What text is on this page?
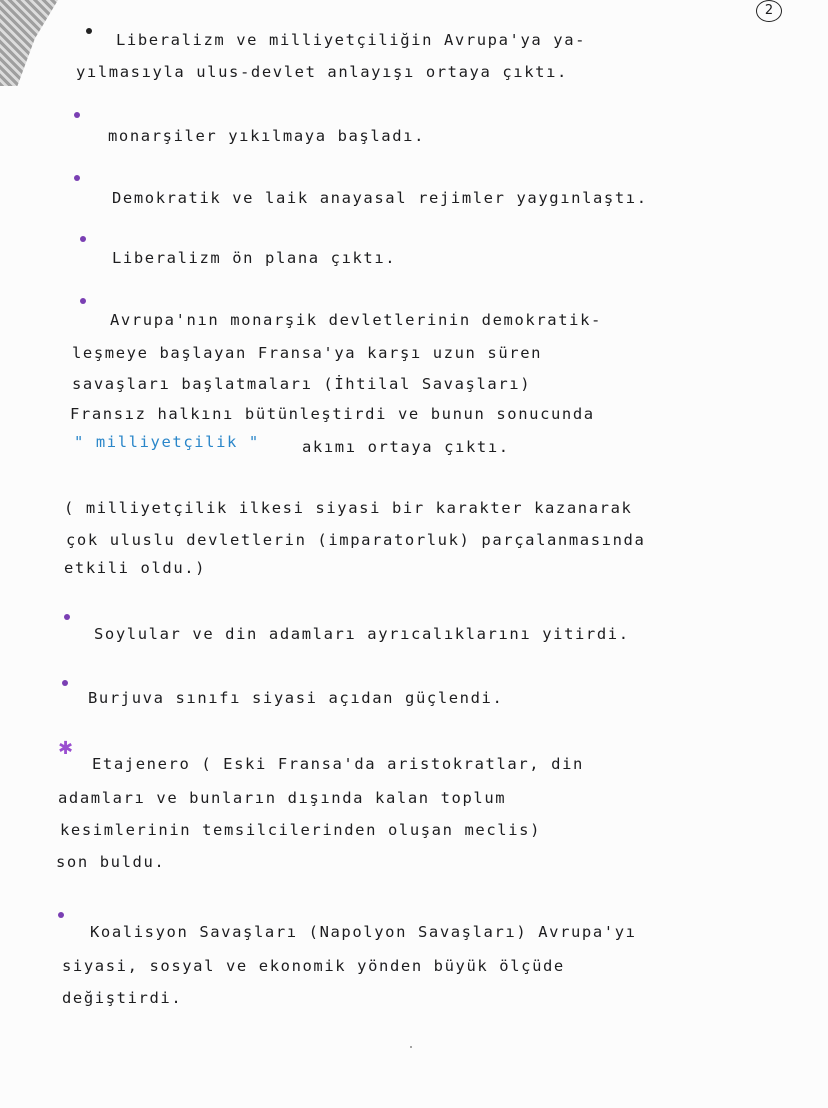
2
Liberalizm ve milliyetçiliğin Avrupa'ya ya-
yılmasıyla ulus-devlet anlayışı ortaya çıktı.
monarşiler yıkılmaya başladı.
Demokratik ve laik anayasal rejimler yaygınlaştı.
Liberalizm ön plana çıktı.
Avrupa'nın monarşik devletlerinin demokratik-
leşmeye başlayan Fransa'ya karşı uzun süren
savaşları başlatmaları (İhtilal Savaşları)
Fransız halkını bütünleştirdi ve bunun sonucunda
" milliyetçilik "	akımı ortaya çıktı.
( milliyetçilik ilkesi siyasi bir karakter kazanarak
çok uluslu devletlerin (imparatorluk) parçalanmasında
etkili oldu.)
Soylular ve din adamları ayrıcalıklarını yitirdi.
Burjuva sınıfı siyasi açıdan güçlendi.
✱
Etajenero ( Eski Fransa'da aristokratlar, din
adamları ve bunların dışında kalan toplum
kesimlerinin temsilcilerinden oluşan meclis)
son buldu.
Koalisyon Savaşları (Napolyon Savaşları) Avrupa'yı
siyasi, sosyal ve ekonomik yönden büyük ölçüde
değiştirdi.
